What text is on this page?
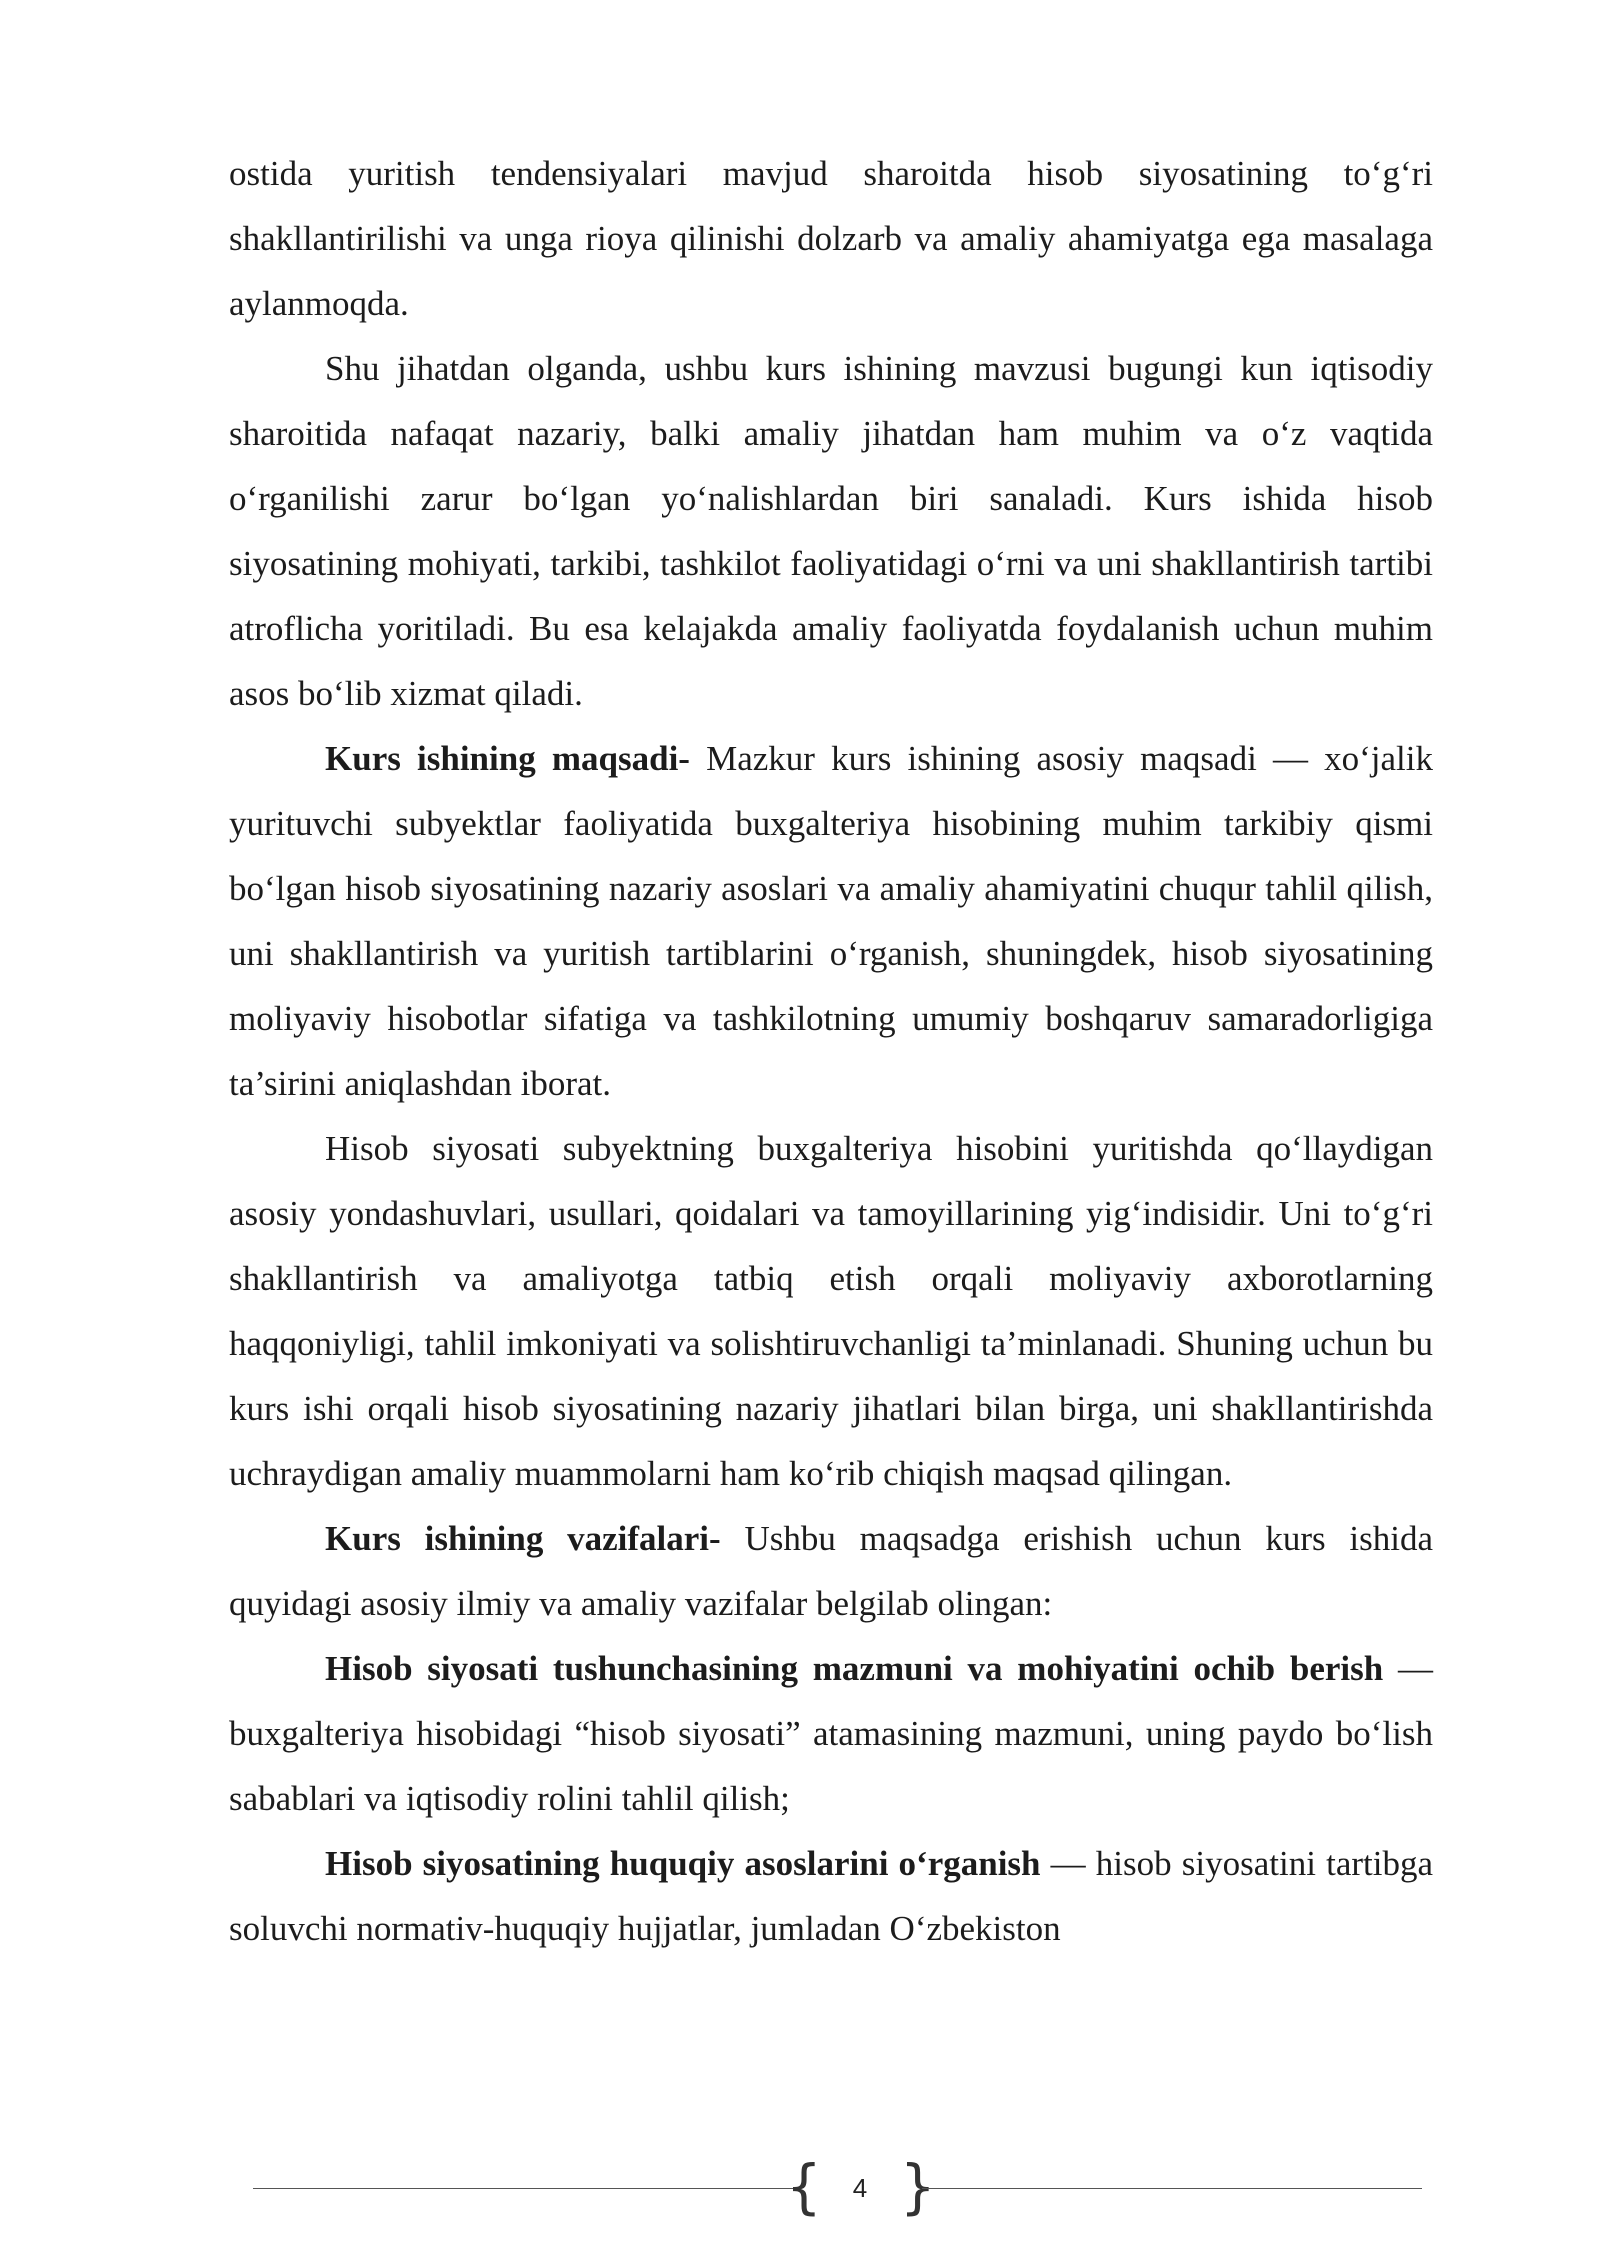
ostida yuritish tendensiyalari mavjud sharoitda hisob siyosatining to‘g‘ri shakllantirilishi va unga rioya qilinishi dolzarb va amaliy ahamiyatga ega masalaga aylanmoqda.

Shu jihatdan olganda, ushbu kurs ishining mavzusi bugungi kun iqtisodiy sharoitida nafaqat nazariy, balki amaliy jihatdan ham muhim va o‘z vaqtida o‘rganilishi zarur bo‘lgan yo‘nalishlardan biri sanaladi. Kurs ishida hisob siyosatining mohiyati, tarkibi, tashkilot faoliyatidagi o‘rni va uni shakllantirish tartibi atroflicha yoritiladi. Bu esa kelajakda amaliy faoliyatda foydalanish uchun muhim asos bo‘lib xizmat qiladi.

Kurs ishining maqsadi- Mazkur kurs ishining asosiy maqsadi — xo‘jalik yurituvchi subyektlar faoliyatida buxgalteriya hisobining muhim tarkibiy qismi bo‘lgan hisob siyosatining nazariy asoslari va amaliy ahamiyatini chuqur tahlil qilish, uni shakllantirish va yuritish tartiblarini o‘rganish, shuningdek, hisob siyosatining moliyaviy hisobotlar sifatiga va tashkilotning umumiy boshqaruv samaradorligiga ta’sirini aniqlashdan iborat.

Hisob siyosati subyektning buxgalteriya hisobini yuritishda qo‘llaydigan asosiy yondashuvlari, usullari, qoidalari va tamoyillarining yig‘indisidir. Uni to‘g‘ri shakllantirish va amaliyotga tatbiq etish orqali moliyaviy axborotlarning haqqoniyligi, tahlil imkoniyati va solishtiruvchanligi ta’minlanadi. Shuning uchun bu kurs ishi orqali hisob siyosatining nazariy jihatlari bilan birga, uni shakllantirishda uchraydigan amaliy muammolarni ham ko‘rib chiqish maqsad qilingan.

Kurs ishining vazifalari- Ushbu maqsadga erishish uchun kurs ishida quyidagi asosiy ilmiy va amaliy vazifalar belgilab olingan:

Hisob siyosati tushunchasining mazmuni va mohiyatini ochib berish — buxgalteriya hisobidagi “hisob siyosati” atamasining mazmuni, uning paydo bo‘lish sabablari va iqtisodiy rolini tahlil qilish;

Hisob siyosatining huquqiy asoslarini o‘rganish — hisob siyosatini tartibga soluvchi normativ-huquqiy hujjatlar, jumladan O‘zbekiston

{	4 }
